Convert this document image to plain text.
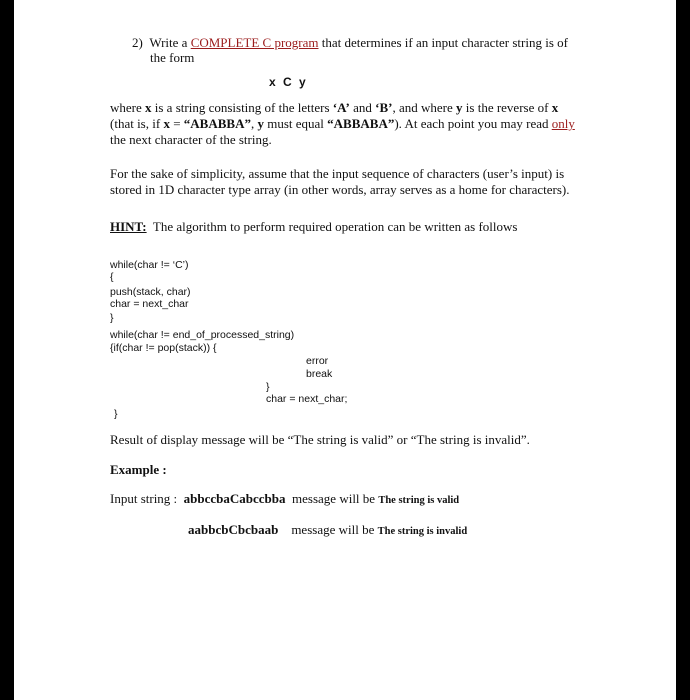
2) Write a COMPLETE C program that determines if an input character string is of
the form
x C y
where x is a string consisting of the letters ‘A’ and ‘B’, and where y is the reverse of x
(that is, if x = “ABABBA”, y must equal “ABBABA”). At each point you may read only
the next character of the string.
For the sake of simplicity, assume that the input sequence of characters (user’s input) is
stored in 1D character type array (in other words, array serves as a home for characters).
HINT: The algorithm to perform required operation can be written as follows
while(char != ‘C’)
{
push(stack, char)
char = next_char
}
while(char != end_of_processed_string)
{if(char != pop(stack)) {
error
break
}
char = next_char;
}
Result of display message will be “The string is valid” or “The string is invalid”.
Example :
Input string : abbccbaCabccbba message will be The string is valid
aabbcbCbcbaab message will be The string is invalid
